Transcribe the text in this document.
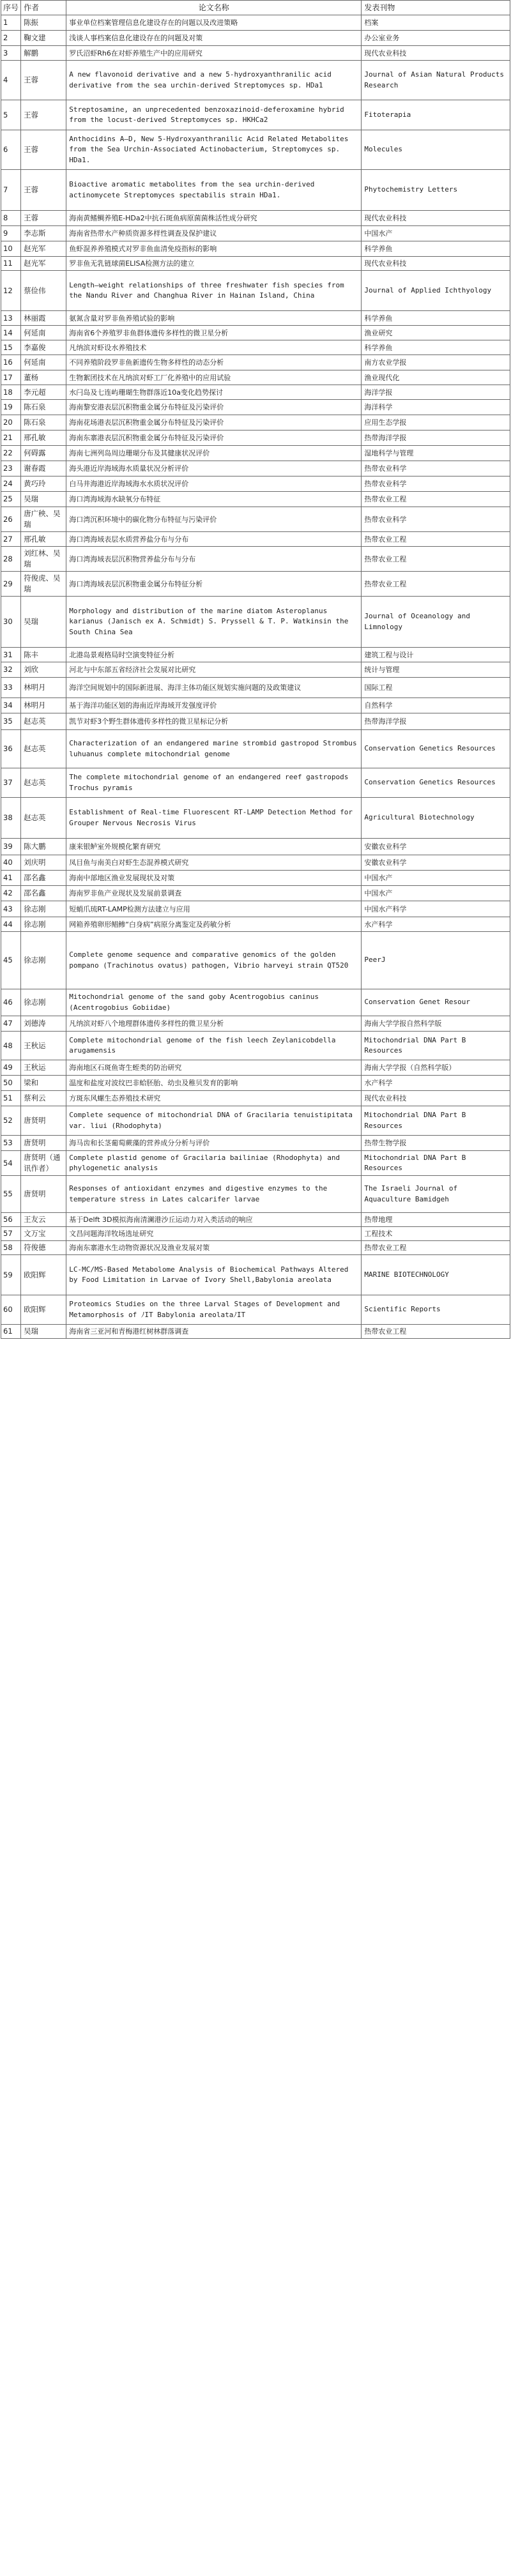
序号	作者	论文名称	发表刊物
1	陈振	事业单位档案管理信息化建设存在的问题以及改进策略	档案
2	鞠文建	浅谈人事档案信息化建设存在的问题及对策	办公室业务
3	解鹏	罗氏沼虾Rh6在对虾养殖生产中的应用研究	现代农业科技
4	王蓉	A new flavonoid derivative and a new 5-hydroxyanthranilic acid derivative from the sea urchin-derived Streptomyces sp. HDa1	Journal of Asian Natural Products Research
5	王蓉	Streptosamine, an unprecedented benzoxazinoid-deferoxamine hybrid from the locust-derived Streptomyces sp. HKHCa2	Fitoterapia
6	王蓉	Anthocidins A–D, New 5-Hydroxyanthranilic Acid Related Metabolites from the Sea Urchin-Associated Actinobacterium, Streptomyces sp. HDa1.	Molecules
7	王蓉	Bioactive aromatic metabolites from the sea urchin-derived actinomycete Streptomyces spectabilis strain HDa1.	Phytochemistry Letters
8	王蓉	海南黄鳍鲷养殖E-HDa2中抗石斑鱼病原菌菌株活性成分研究	现代农业科技
9	李志斯	海南省热带水产种质资源多样性调查及保护建议	中国水产
10	赵光军	鱼虾混养养殖模式对罗非鱼血清免疫指标的影响	科学养鱼
11	赵光军	罗非鱼无乳链球菌ELISA检测方法的建立	现代农业科技
12	蔡俭伟	Length–weight relationships of three freshwater fish species from the Nandu River and Changhua River in Hainan Island, China	Journal of Applied Ichthyology
13	林丽霞	氨氮含量对罗非鱼养殖试验的影响	科学养鱼
14	何延南	海南省6个养殖罗非鱼群体遗传多样性的微卫星分析	渔业研究
15	李嘉俊	凡纳滨对虾设水养殖技术	科学养鱼
16	何延南	不同养殖阶段罗非鱼新遗传生物多样性的动态分析	南方农业学报
17	董杨	生物絮团技术在凡纳滨对虾工厂化养殖中的应用试验	渔业现代化
18	李元超	水闩岛及七连屿珊瑚生物群落近10a变化趋势探讨	海洋学报
19	陈石泉	海南黎安港表层沉积物重金属分布特征及污染评价	海洋科学
20	陈石泉	海南花场港表层沉积物重金属分布特征及污染评价	应用生态学报
21	邢孔敏	海南东寨港表层沉积物重金属分布特征及污染评价	热带海洋学报
22	何碍露	海南七洲列岛周边珊瑚分布及其健康状况评价	湿地科学与管理
23	谢春霞	海头港近岸海域海水质量状况分析评价	热带农业科学
24	黄巧玲	白马井海港近岸海域海水水质状况评价	热带农业科学
25	吴瑞	海口湾海域海水缺氧分布特征	热带农业工程
26	唐广秧、吴瑞	海口湾沉积环境中的碳化物分布特征与污染评价	热带农业科学
27	邢孔敏	海口湾海域表层水质营养盐分布与分布	热带农业工程
28	刘红林、吴瑞	海口湾海域表层沉积物营养盐分布与分布	热带农业工程
29	符俊虎、吴瑞	海口湾海域表层沉积物重金属分布特征分析	热带农业工程
30	吴瑞	Morphology and distribution of the marine diatom Asteroplanus karianus (Janisch ex A. Schmidt) S. Pryssell & T. P. Watkinsin the South China Sea	Journal of Oceanology and Limnology
31	陈丰	北港岛景观格局时空演变特征分析	建筑工程与设计
32	刘欣	河北与中东部五省经济社会发展对比研究	统计与管理
33	林明月	海洋空间规划中的国际新进展、海洋主体功能区规划实施问题的及政策建议	国际工程
34	林明月	基于海洋功能区划的海南近岸海域开发强度评价	自然科学
35	赵志英	凯节对虾3个野生群体遗传多样性的微卫星标记分析	热带海洋学报
36	赵志英	Characterization of an endangered marine strombid gastropod Strombus luhuanus complete mitochondrial genome	Conservation Genetics Resources
37	赵志英	The complete mitochondrial genome of an endangered reef gastropods Trochus pyramis	Conservation Genetics Resources
38	赵志英	Establishment of Real-time Fluorescent RT-LAMP Detection Method for Grouper Nervous Necrosis Virus	Agricultural Biotechnology
39	陈大鹏	康来银鲈室外规模化繁育研究	安徽农业科学
40	刘庆明	凤目鱼与南美白对虾生态混养模式研究	安徽农业科学
41	邵名鑫	海南中部地区渔业发展现状及对策	中国水产
42	邵名鑫	海南罗非鱼产业现状及发展前景调查	中国水产
43	徐志刚	短蛸爪琉RT-LAMP检测方法建立与应用	中国水产科学
44	徐志刚	网箱养殖卵形鲳鲹“白身病”病原分离鉴定及药敏分析	水产科学
45	徐志刚	Complete genome sequence and comparative genomics of the golden pompano (Trachinotus ovatus) pathogen, Vibrio harveyi strain QT520	PeerJ
46	徐志刚	Mitochondrial genome of the sand goby Acentrogobius caninus (Acentrogobius Gobiidae)	Conservation Genet Resour
47	刘德涛	凡纳滨对虾八个地理群体遗传多样性的微卫星分析	海南大学学报自然科学版
48	王秋运	Complete mitochondrial genome of the fish leech Zeylanicobdella arugamensis	Mitochondrial DNA Part B Resources
49	王秋运	海南地区石斑鱼寄生蛭类的防治研究	海南大学学报（自然科学版）
50	梁和	温度和盐度对波纹巴非蛤胚胎、幼虫及稚贝发育的影响	水产科学
51	蔡利云	方斑东风螺生态养殖技术研究	现代农业科技
52	唐贤明	Complete sequence of mitochondrial DNA of Gracilaria tenuistipitata var. liui (Rhodophyta)	Mitochondrial DNA Part B Resources
53	唐贤明	海马齿和长茎葡萄蕨藻的营养成分分析与评价	热带生物学报
54	唐贤明（通讯作者）	Complete plastid genome of Gracilaria bailiniae (Rhodophyta) and phylogenetic analysis	Mitochondrial DNA Part B Resources
55	唐贤明	Responses of antioxidant enzymes and digestive enzymes to the temperature stress in Lates calcarifer larvae	The Israeli Journal of Aquaculture Bamidgeh
56	王友云	基于Delft 3D模拟海南清澜港沙丘运动力对入类活动的响应	热带地理
57	文万宝	文昌问题海洋牧场选址研究	工程技术
58	符俊德	海南东寨港水生动物资源状况及渔业发展对策	热带农业工程
59	欧阳辉	LC-MC/MS-Based Metabolome Analysis of Biochemical Pathways Altered by Food Limitation in Larvae of Ivory Shell,Babylonia areolata	MARINE BIOTECHNOLOGY
60	欧阳辉	Proteomics Studies on the three Larval Stages of Development and Metamorphosis of ﾉIT Babylonia areolataﾉIT	Scientific Reports
61	吴瑞	海南省三亚河和青梅港红树林群落调查	热带农业工程
